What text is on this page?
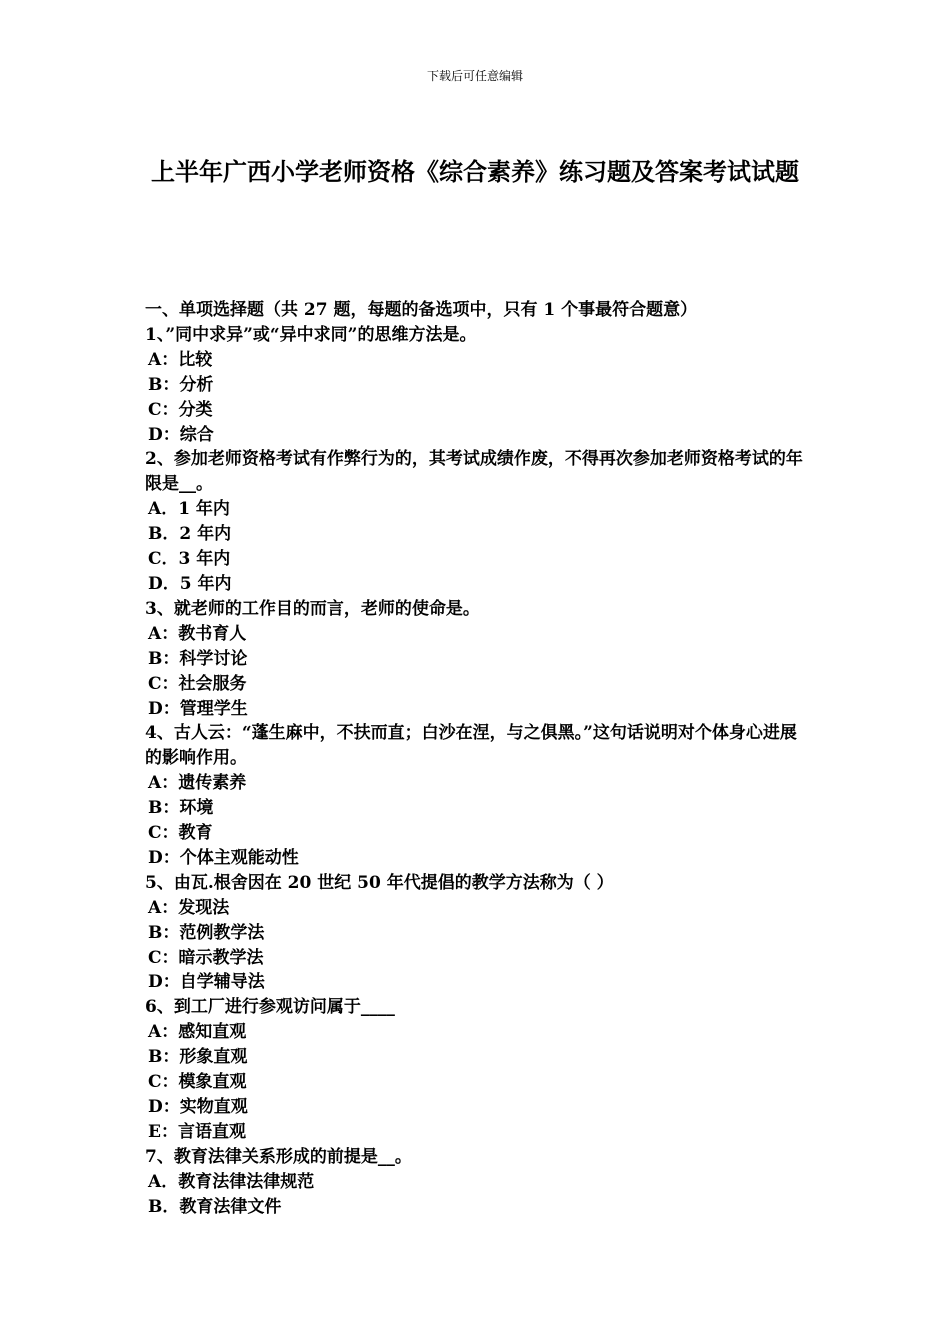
下载后可任意编辑
上半年广西小学老师资格《综合素养》练习题及答案考试试题
一、单项选择题（共 27 题，每题的备选项中，只有 1 个事最符合题意）
1、”同中求异”或“异中求同”的思维方法是。
A：比较
B：分析
C：分类
D：综合
2、参加老师资格考试有作弊行为的，其考试成绩作废，不得再次参加老师资格考试的年限是__。
A．1 年内
B．2 年内
C．3 年内
D．5 年内
3、就老师的工作目的而言，老师的使命是。
A：教书育人
B：科学讨论
C：社会服务
D：管理学生
4、古人云：“蓬生麻中，不扶而直；白沙在涅，与之俱黑。”这句话说明对个体身心进展的影响作用。
A：遗传素养
B：环境
C：教育
D：个体主观能动性
5、由瓦.根舍因在 20 世纪 50 年代提倡的教学方法称为（ ）
A：发现法
B：范例教学法
C：暗示教学法
D：自学辅导法
6、到工厂进行参观访问属于____
A：感知直观
B：形象直观
C：模象直观
D：实物直观
E：言语直观
7、教育法律关系形成的前提是__。
A．教育法律法律规范
B．教育法律文件
